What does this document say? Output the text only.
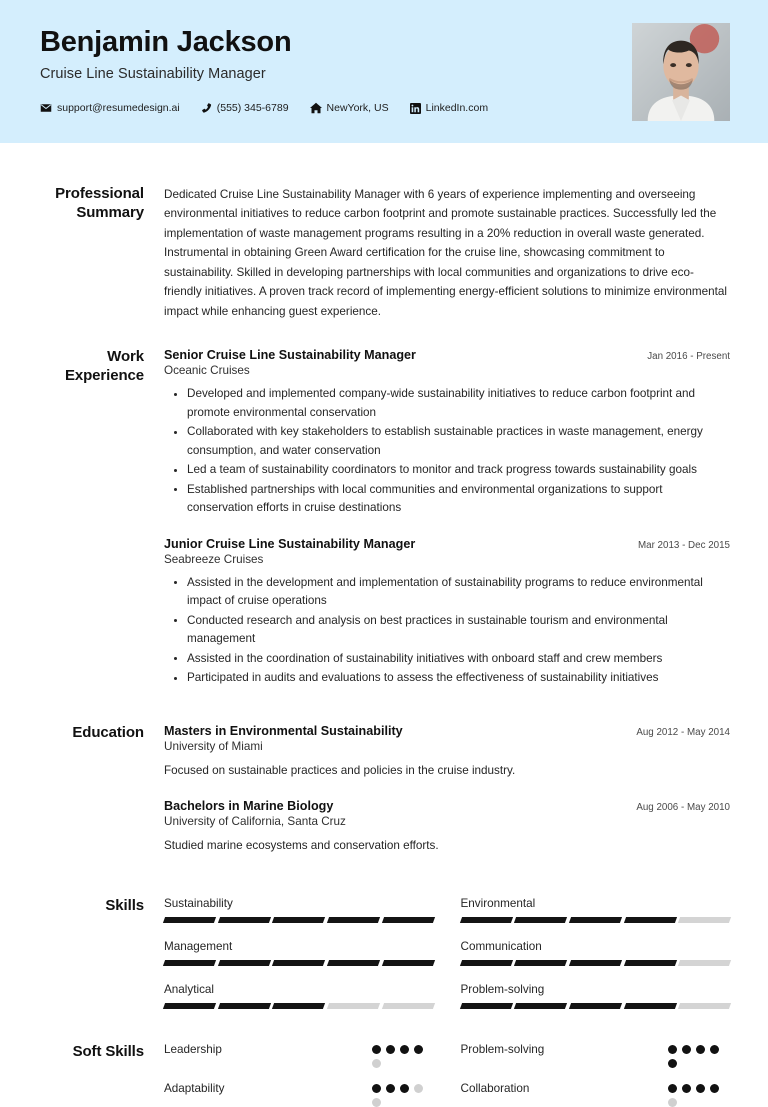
Benjamin Jackson
Cruise Line Sustainability Manager
support@resumedesign.ai	(555) 345-6789	NewYork, US	LinkedIn.com
Professional Summary
Dedicated Cruise Line Sustainability Manager with 6 years of experience implementing and overseeing environmental initiatives to reduce carbon footprint and promote sustainable practices. Successfully led the implementation of waste management programs resulting in a 20% reduction in overall waste generated. Instrumental in obtaining Green Award certification for the cruise line, showcasing commitment to sustainability. Skilled in developing partnerships with local communities and organizations to drive eco-friendly initiatives. A proven track record of implementing energy-efficient solutions to minimize environmental impact while enhancing guest experience.
Work Experience
Senior Cruise Line Sustainability Manager	Jan 2016 - Present
Oceanic Cruises
Developed and implemented company-wide sustainability initiatives to reduce carbon footprint and promote environmental conservation
Collaborated with key stakeholders to establish sustainable practices in waste management, energy consumption, and water conservation
Led a team of sustainability coordinators to monitor and track progress towards sustainability goals
Established partnerships with local communities and environmental organizations to support conservation efforts in cruise destinations
Junior Cruise Line Sustainability Manager	Mar 2013 - Dec 2015
Seabreeze Cruises
Assisted in the development and implementation of sustainability programs to reduce environmental impact of cruise operations
Conducted research and analysis on best practices in sustainable tourism and environmental management
Assisted in the coordination of sustainability initiatives with onboard staff and crew members
Participated in audits and evaluations to assess the effectiveness of sustainability initiatives
Education	Masters in Environmental Sustainability	Aug 2012 - May 2014
University of Miami
Focused on sustainable practices and policies in the cruise industry.
Bachelors in Marine Biology	Aug 2006 - May 2010
University of California, Santa Cruz
Studied marine ecosystems and conservation efforts.
Skills	Sustainability	Environmental
Management	Communication
Analytical	Problem-solving
Soft Skills	Leadership	Problem-solving
Adaptability	Collaboration
